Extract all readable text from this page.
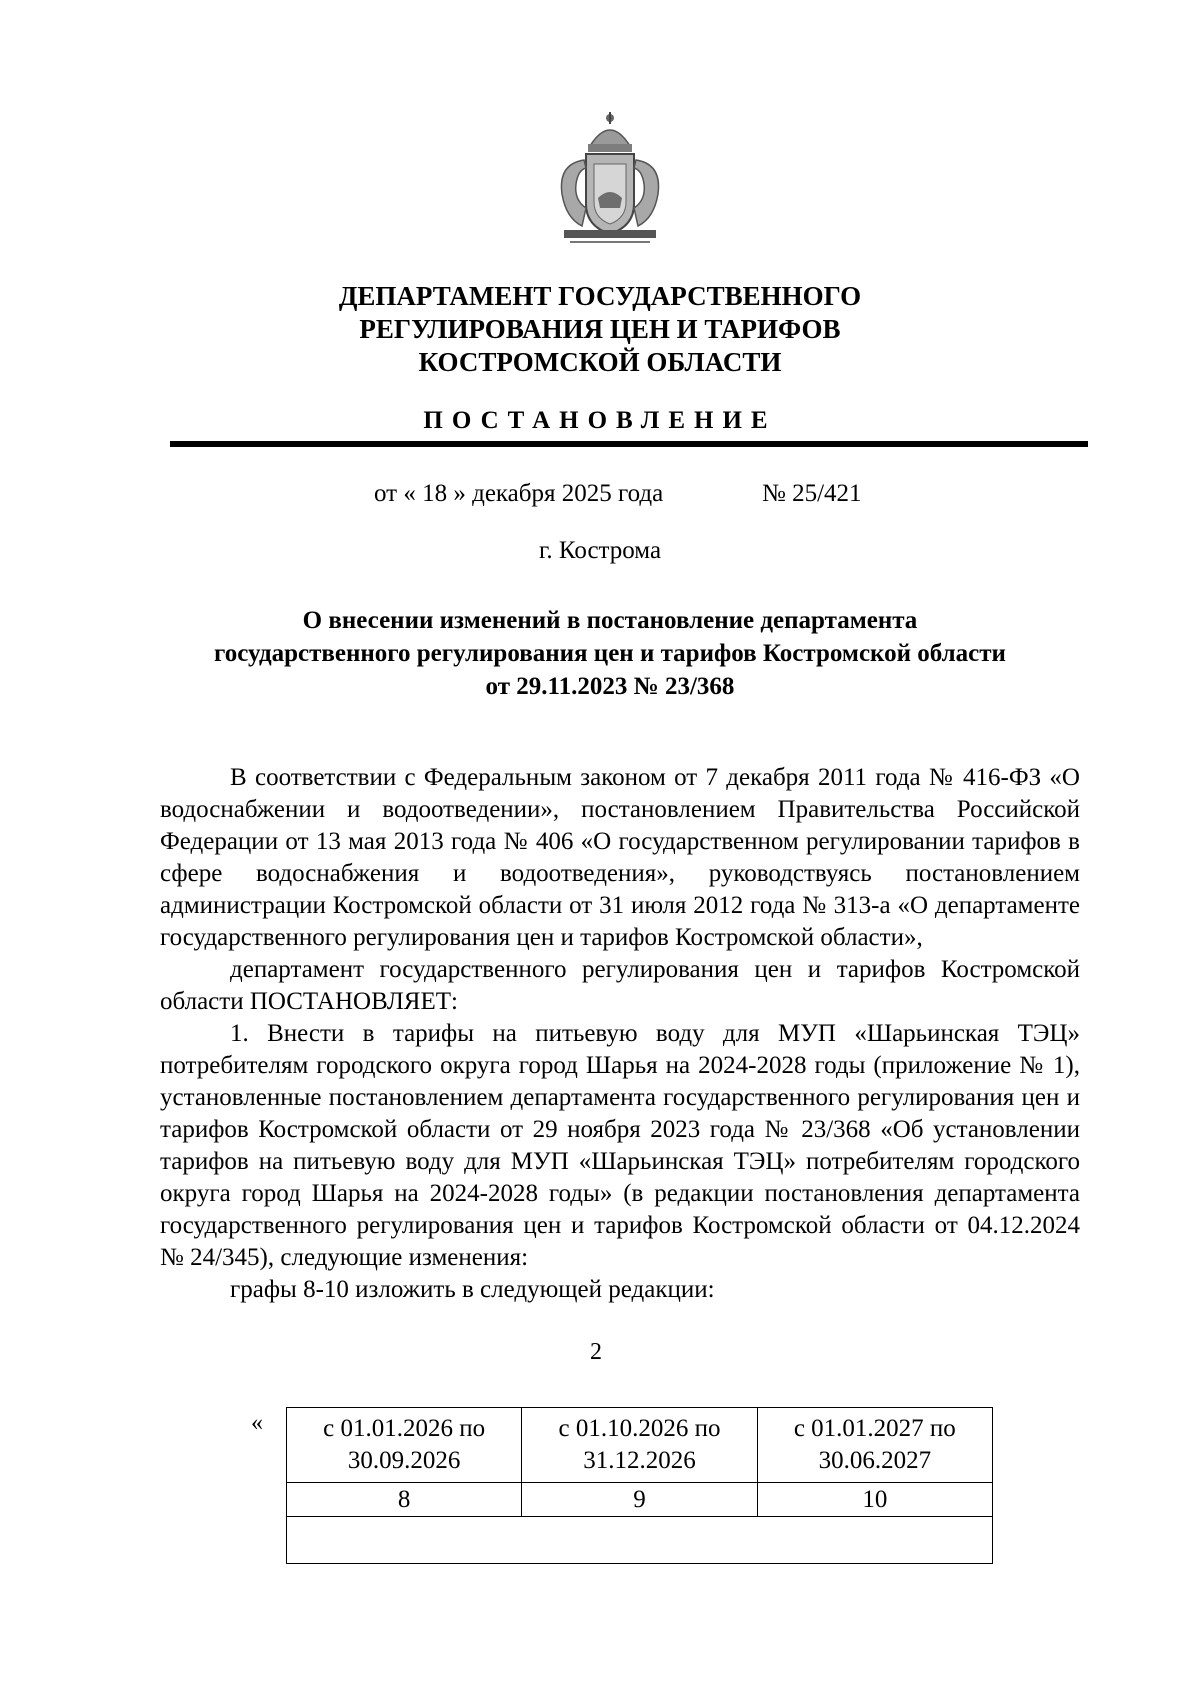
ДЕПАРТАМЕНТ ГОСУДАРСТВЕННОГО
РЕГУЛИРОВАНИЯ ЦЕН И ТАРИФОВ
КОСТРОМСКОЙ ОБЛАСТИ
ПОСТАНОВЛЕНИЕ
от « 18 » декабря 2025 года	№ 25/421
г. Кострома
О внесении изменений в постановление департамента
государственного регулирования цен и тарифов Костромской области
от 29.11.2023 № 23/368

В соответствии с Федеральным законом от 7 декабря 2011 года № 416-ФЗ «О водоснабжении и водоотведении», постановлением Правительства Российской Федерации от 13 мая 2013 года № 406 «О государственном регулировании тарифов в сфере водоснабжения и водоотведения», руководствуясь постановлением администрации Костромской области от 31 июля 2012 года № 313-а «О департаменте государственного регулирования цен и тарифов Костромской области»,

департамент государственного регулирования цен и тарифов Костромской области ПОСТАНОВЛЯЕТ:

1. Внести в тарифы на питьевую воду для МУП «Шарьинская ТЭЦ» потребителям городского округа город Шарья на 2024-2028 годы (приложение № 1), установленные постановлением департамента государственного регулирования цен и тарифов Костромской области от 29 ноября 2023 года № 23/368 «Об установлении тарифов на питьевую воду для МУП «Шарьинская ТЭЦ» потребителям городского округа город Шарья на 2024-2028 годы» (в редакции постановления департамента государственного регулирования цен и тарифов Костромской области от 04.12.2024 № 24/345), следующие изменения:

графы 8-10 изложить в следующей редакции:

2
« с 01.01.2026 по 30.09.2026	с 01.10.2026 по 31.12.2026	с 01.01.2027 по 30.06.2027
8	9	10
